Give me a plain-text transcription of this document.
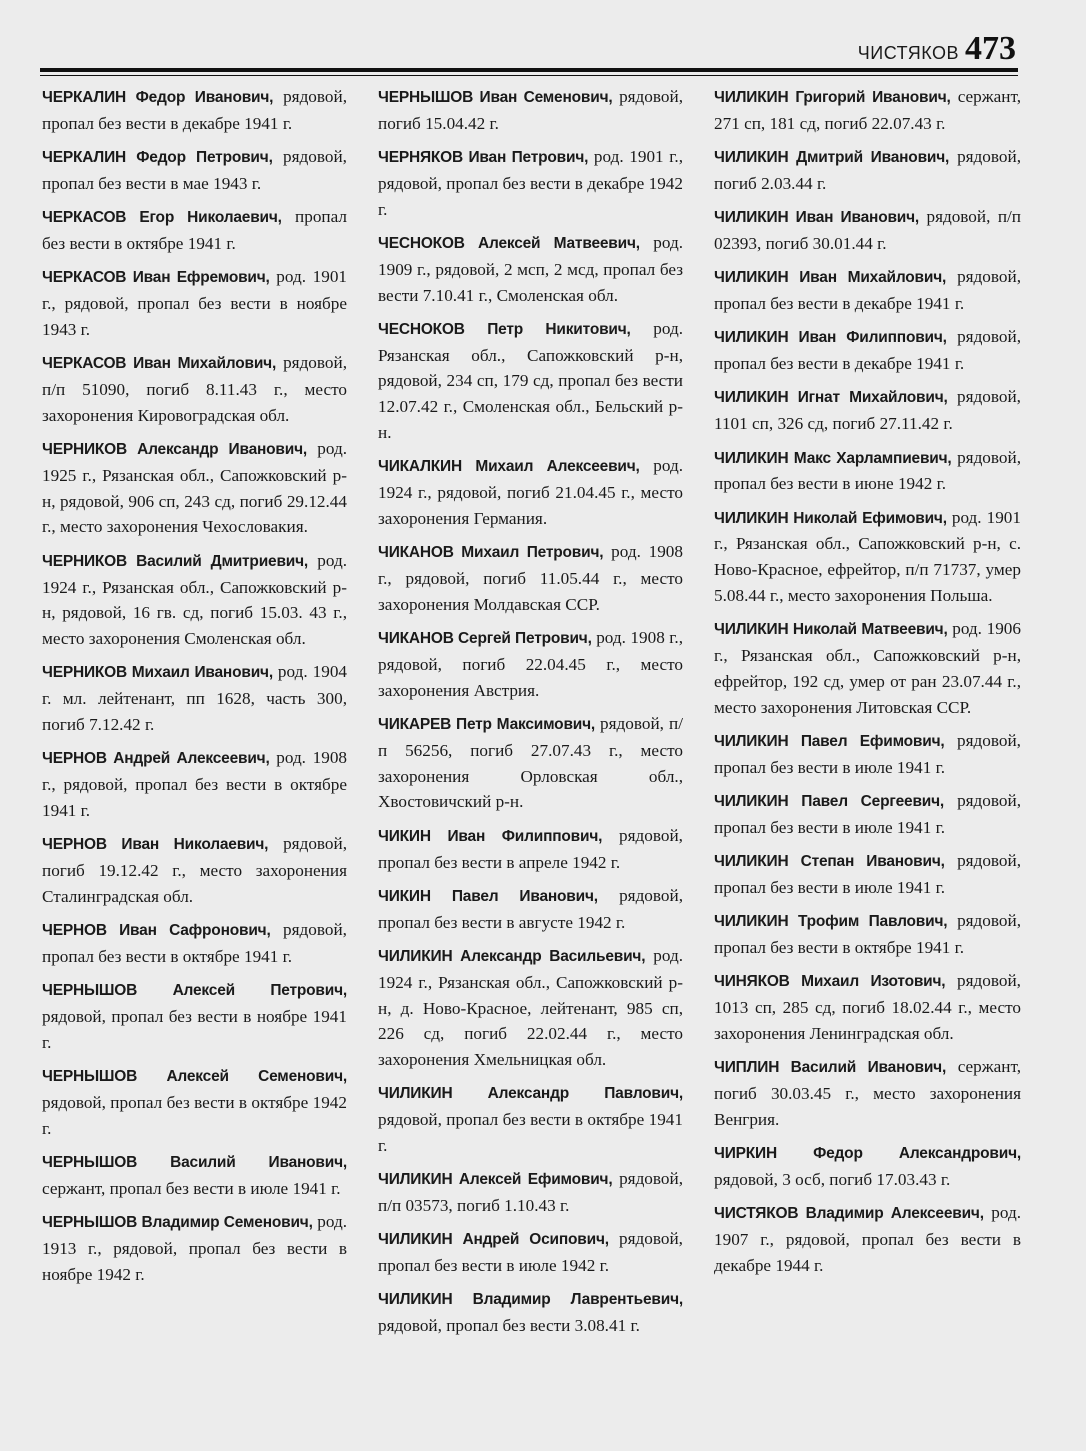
ЧИСТЯКОВ 473

ЧЕРКАЛИН Федор Иванович, рядовой, пропал без вести в декабре 1941 г.

ЧЕРКАЛИН Федор Петрович, рядовой, пропал без вести в мае 1943 г.

ЧЕРКАСОВ Егор Николаевич, пропал без вести в октябре 1941 г.

ЧЕРКАСОВ Иван Ефремович, род. 1901 г., рядовой, пропал без вести в ноябре 1943 г.

ЧЕРКАСОВ Иван Михайлович, рядовой, п/п 51090, погиб 8.11.43 г., место захоронения Кировоградская обл.

ЧЕРНИКОВ Александр Иванович, род. 1925 г., Рязанская обл., Сапожковский р-н, рядовой, 906 сп, 243 сд, погиб 29.12.44 г., место захоронения Чехословакия.

ЧЕРНИКОВ Василий Дмитриевич, род. 1924 г., Рязанская обл., Сапожковский р-н, рядовой, 16 гв. сд, погиб 15.03. 43 г., место захоронения Смоленская обл.

ЧЕРНИКОВ Михаил Иванович, род. 1904 г. мл. лейтенант, пп 1628, часть 300, погиб 7.12.42 г.

ЧЕРНОВ Андрей Алексеевич, род. 1908 г., рядовой, пропал без вести в октябре 1941 г.

ЧЕРНОВ Иван Николаевич, рядовой, погиб 19.12.42 г., место захоронения Сталинградская обл.

ЧЕРНОВ Иван Сафронович, рядовой, пропал без вести в октябре 1941 г.

ЧЕРНЫШОВ Алексей Петрович, рядовой, пропал без вести в ноябре 1941 г.

ЧЕРНЫШОВ Алексей Семенович, рядовой, пропал без вести в октябре 1942 г.

ЧЕРНЫШОВ Василий Иванович, сержант, пропал без вести в июле 1941 г.

ЧЕРНЫШОВ Владимир Семенович, род. 1913 г., рядовой, пропал без вести в ноябре 1942 г.

ЧЕРНЫШОВ Иван Семенович, рядовой, погиб 15.04.42 г.

ЧЕРНЯКОВ Иван Петрович, род. 1901 г., рядовой, пропал без вести в декабре 1942 г.

ЧЕСНОКОВ Алексей Матвеевич, род. 1909 г., рядовой, 2 мсп, 2 мсд, пропал без вести 7.10.41 г., Смоленская обл.

ЧЕСНОКОВ Петр Никитович, род. Рязанская обл., Сапожковский р-н, рядовой, 234 сп, 179 сд, пропал без вести 12.07.42 г., Смоленская обл., Бельский р-н.

ЧИКАЛКИН Михаил Алексеевич, род. 1924 г., рядовой, погиб 21.04.45 г., место захоронения Германия.

ЧИКАНОВ Михаил Петрович, род. 1908 г., рядовой, погиб 11.05.44 г., место захоронения Молдавская ССР.

ЧИКАНОВ Сергей Петрович, род. 1908 г., рядовой, погиб 22.04.45 г., место захоронения Австрия.

ЧИКАРЕВ Петр Максимович, рядовой, п/п 56256, погиб 27.07.43 г., место захоронения Орловская обл., Хвостовичский р-н.

ЧИКИН Иван Филиппович, рядовой, пропал без вести в апреле 1942 г.

ЧИКИН Павел Иванович, рядовой, пропал без вести в августе 1942 г.

ЧИЛИКИН Александр Васильевич, род. 1924 г., Рязанская обл., Сапожковский р-н, д. Ново-Красное, лейтенант, 985 сп, 226 сд, погиб 22.02.44 г., место захоронения Хмельницкая обл.

ЧИЛИКИН Александр Павлович, рядовой, пропал без вести в октябре 1941 г.

ЧИЛИКИН Алексей Ефимович, рядовой, п/п 03573, погиб 1.10.43 г.

ЧИЛИКИН Андрей Осипович, рядовой, пропал без вести в июле 1942 г.

ЧИЛИКИН Владимир Лаврентьевич, рядовой, пропал без вести 3.08.41 г.

ЧИЛИКИН Григорий Иванович, сержант, 271 сп, 181 сд, погиб 22.07.43 г.

ЧИЛИКИН Дмитрий Иванович, рядовой, погиб 2.03.44 г.

ЧИЛИКИН Иван Иванович, рядовой, п/п 02393, погиб 30.01.44 г.

ЧИЛИКИН Иван Михайлович, рядовой, пропал без вести в декабре 1941 г.

ЧИЛИКИН Иван Филиппович, рядовой, пропал без вести в декабре 1941 г.

ЧИЛИКИН Игнат Михайлович, рядовой, 1101 сп, 326 сд, погиб 27.11.42 г.

ЧИЛИКИН Макс Харлампиевич, рядовой, пропал без вести в июне 1942 г.

ЧИЛИКИН Николай Ефимович, род. 1901 г., Рязанская обл., Сапожковский р-н, с. Ново-Красное, ефрейтор, п/п 71737, умер 5.08.44 г., место захоронения Польша.

ЧИЛИКИН Николай Матвеевич, род. 1906 г., Рязанская обл., Сапожковский р-н, ефрейтор, 192 сд, умер от ран 23.07.44 г., место захоронения Литовская ССР.

ЧИЛИКИН Павел Ефимович, рядовой, пропал без вести в июле 1941 г.

ЧИЛИКИН Павел Сергеевич, рядовой, пропал без вести в июле 1941 г.

ЧИЛИКИН Степан Иванович, рядовой, пропал без вести в июле 1941 г.

ЧИЛИКИН Трофим Павлович, рядовой, пропал без вести в октябре 1941 г.

ЧИНЯКОВ Михаил Изотович, рядовой, 1013 сп, 285 сд, погиб 18.02.44 г., место захоронения Ленинградская обл.

ЧИПЛИН Василий Иванович, сержант, погиб 30.03.45 г., место захоронения Венгрия.

ЧИРКИН Федор Александрович, рядовой, 3 осб, погиб 17.03.43 г.

ЧИСТЯКОВ Владимир Алексеевич, род. 1907 г., рядовой, пропал без вести в декабре 1944 г.
